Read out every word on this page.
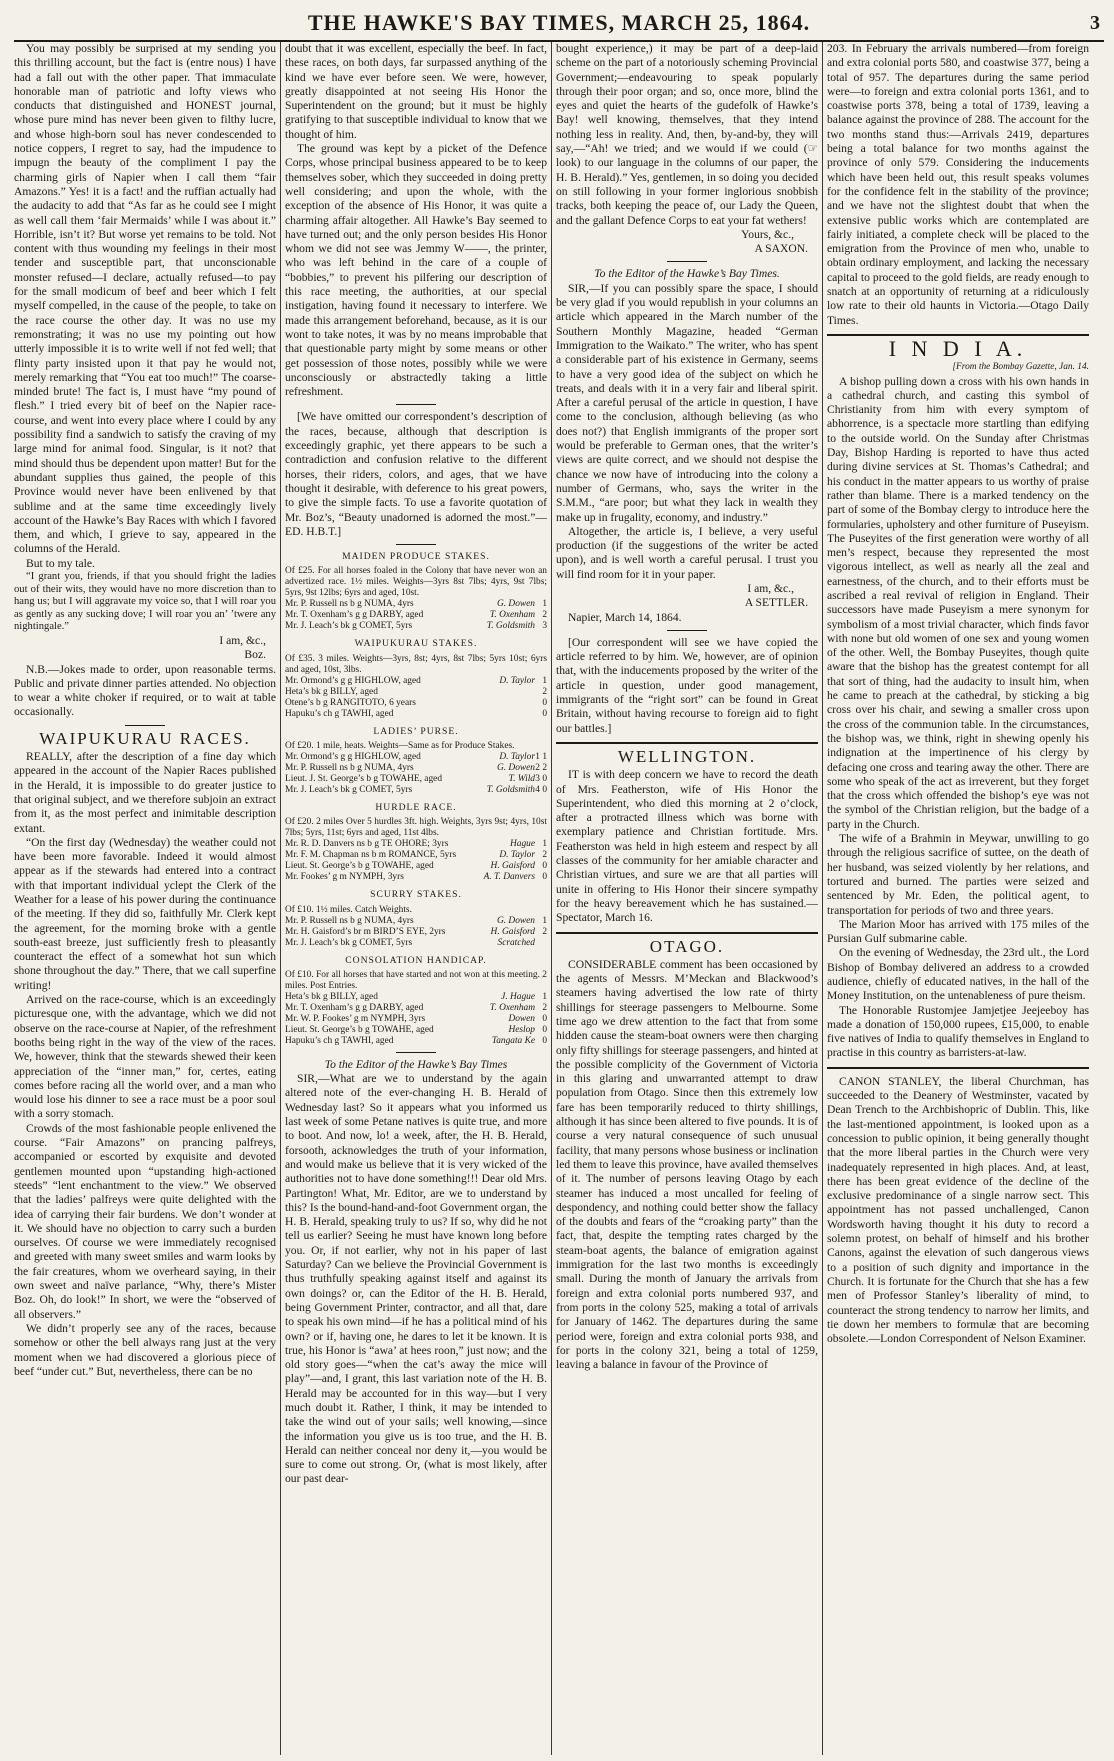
THE HAWKE'S BAY TIMES, MARCH 25, 1864.	3

You may possibly be surprised at my sending you this thrilling account, but the fact is (entre nous) I have had a fall out with the other paper. That immaculate honorable man of patriotic and lofty views who conducts that distinguished and HONEST journal, whose pure mind has never been given to filthy lucre, and whose high-born soul has never condescended to notice coppers, I regret to say, had the impudence to impugn the beauty of the compliment I pay the charming girls of Napier when I call them “fair Amazons.” Yes! it is a fact! and the ruffian actually had the audacity to add that “As far as he could see I might as well call them ‘fair Mermaids’ while I was about it.” Horrible, isn’t it? But worse yet remains to be told. Not content with thus wounding my feelings in their most tender and susceptible part, that unconscionable monster refused—I declare, actually refused—to pay for the small modicum of beef and beer which I felt myself compelled, in the cause of the people, to take on the race course the other day. It was no use my remonstrating; it was no use my pointing out how utterly impossible it is to write well if not fed well; that flinty party insisted upon it that pay he would not, merely remarking that “You eat too much!” The coarse-minded brute! The fact is, I must have “my pound of flesh.” I tried every bit of beef on the Napier race-course, and went into every place where I could by any possibility find a sandwich to satisfy the craving of my large mind for animal food. Singular, is it not? that mind should thus be dependent upon matter! But for the abundant supplies thus gained, the people of this Province would never have been enlivened by that sublime and at the same time exceedingly lively account of the Hawke’s Bay Races with which I favored them, and which, I grieve to say, appeared in the columns of the Herald.

But to my tale.

“I grant you, friends, if that you should fright the ladies out of their wits, they would have no more discretion than to hang us; but I will aggravate my voice so, that I will roar you as gently as any sucking dove; I will roar you an’ ’twere any nightingale.”

I am, &c.,

Boz.

N.B.—Jokes made to order, upon reasonable terms. Public and private dinner parties attended. No objection to wear a white choker if required, or to wait at table occasionally.

WAIPUKURAU RACES.

REALLY, after the description of a fine day which appeared in the account of the Napier Races published in the Herald, it is impossible to do greater justice to that original subject, and we therefore subjoin an extract from it, as the most perfect and inimitable description extant.

“On the first day (Wednesday) the weather could not have been more favorable. Indeed it would almost appear as if the stewards had entered into a contract with that important individual yclept the Clerk of the Weather for a lease of his power during the continuance of the meeting. If they did so, faithfully Mr. Clerk kept the agreement, for the morning broke with a gentle south-east breeze, just sufficiently fresh to pleasantly counteract the effect of a somewhat hot sun which shone throughout the day.” There, that we call superfine writing!

Arrived on the race-course, which is an exceedingly picturesque one, with the advantage, which we did not observe on the race-course at Napier, of the refreshment booths being right in the way of the view of the races. We, however, think that the stewards shewed their keen appreciation of the “inner man,” for, certes, eating comes before racing all the world over, and a man who would lose his dinner to see a race must be a poor soul with a sorry stomach.

Crowds of the most fashionable people enlivened the course. “Fair Amazons” on prancing palfreys, accompanied or escorted by exquisite and devoted gentlemen mounted upon “upstanding high-actioned steeds” “lent enchantment to the view.” We observed that the ladies’ palfreys were quite delighted with the idea of carrying their fair burdens. We don’t wonder at it. We should have no objection to carry such a burden ourselves. Of course we were immediately recognised and greeted with many sweet smiles and warm looks by the fair creatures, whom we overheard saying, in their own sweet and naïve parlance, “Why, there’s Mister Boz. Oh, do look!” In short, we were the “observed of all observers.”

We didn’t properly see any of the races, because somehow or other the bell always rang just at the very moment when we had discovered a glorious piece of beef “under cut.” But, nevertheless, there can be no

doubt that it was excellent, especially the beef. In fact, these races, on both days, far surpassed anything of the kind we have ever before seen. We were, however, greatly disappointed at not seeing His Honor the Superintendent on the ground; but it must be highly gratifying to that susceptible individual to know that we thought of him.

The ground was kept by a picket of the Defence Corps, whose principal business appeared to be to keep themselves sober, which they succeeded in doing pretty well considering; and upon the whole, with the exception of the absence of His Honor, it was quite a charming affair altogether. All Hawke’s Bay seemed to have turned out; and the only person besides His Honor whom we did not see was Jemmy W——, the printer, who was left behind in the care of a couple of “bobbies,” to prevent his pilfering our description of this race meeting, the authorities, at our special instigation, having found it necessary to interfere. We made this arrangement beforehand, because, as it is our wont to take notes, it was by no means improbable that that questionable party might by some means or other get possession of those notes, possibly while we were unconsciously or abstractedly taking a little refreshment.

[We have omitted our correspondent’s description of the races, because, although that description is exceedingly graphic, yet there appears to be such a contradiction and confusion relative to the different horses, their riders, colors, and ages, that we have thought it desirable, with deference to his great powers, to give the simple facts. To use a favorite quotation of Mr. Boz’s, “Beauty unadorned is adorned the most.”—ED. H.B.T.]

MAIDEN PRODUCE STAKES.

Of £25. For all horses foaled in the Colony that have never won an advertized race. 1½ miles. Weights—3yrs 8st 7lbs; 4yrs, 9st 7lbs; 5yrs, 9st 12lbs; 6yrs and aged, 10st.

Mr. P. Russell ns b g NUMA, 4yrs	G. Dowen 1
Mr. T. Oxenham’s g g DARBY, aged	T. Oxenham 2
Mr. J. Leach’s bk g COMET, 5yrs	T. Goldsmith 3

WAIPUKURAU STAKES.

Of £35. 3 miles. Weights—3yrs, 8st; 4yrs, 8st 7lbs; 5yrs 10st; 6yrs and aged, 10st, 3lbs.

Mr. Ormond’s g g HIGHLOW, aged	D. Taylor 1
Heta’s bk g BILLY, aged	2
Otene’s b g RANGITOTO, 6 years	0
Hapuku’s ch g TAWHI, aged	0

LADIES’ PURSE.

Of £20. 1 mile, heats. Weights—Same as for Produce Stakes.

Mr. Ormond’s g g HIGHLOW, aged	D. Taylor 1 1
Mr. P. Russell ns b g NUMA, 4yrs	G. Dowen 2 2
Lieut. J. St. George’s b g TOWAHE, aged	T. Wild 3 0
Mr. J. Leach’s bk g COMET, 5yrs	T. Goldsmith 4 0

HURDLE RACE.

Of £20. 2 miles Over 5 hurdles 3ft. high. Weights, 3yrs 9st; 4yrs, 10st 7lbs; 5yrs, 11st; 6yrs and aged, 11st 4lbs.

Mr. R. D. Danvers ns b g TE OHORE; 3yrs	Hague 1
Mr. F. M. Chapman ns b m ROMANCE, 5yrs	D. Taylor 2
Lieut. St. George’s b g TOWAHE, aged	H. Gaisford 0
Mr. Fookes’ g m NYMPH, 3yrs	A. T. Danvers 0

SCURRY STAKES.

Of £10. 1½ miles. Catch Weights.

Mr. P. Russell ns b g NUMA, 4yrs	G. Dowen 1
Mr. H. Gaisford’s br m BIRD’S EYE, 2yrs	H. Gaisford 2
Mr. J. Leach’s bk g COMET, 5yrs	Scratched

CONSOLATION HANDICAP.

Of £10. For all horses that have started and not won at this meeting. 2 miles. Post Entries.

Heta’s bk g BILLY, aged	J. Hague 1
Mr. T. Oxenham’s g g DARBY, aged	T. Oxenham 2
Mr. W. P. Fookes’ g m NYMPH, 3yrs	Dowen 0
Lieut. St. George’s b g TOWAHE, aged	Heslop 0
Hapuku’s ch g TAWHI, aged	Tangata Ke 0

To the Editor of the Hawke’s Bay Times

SIR,—What are we to understand by the again altered note of the ever-changing H. B. Herald of Wednesday last? So it appears what you informed us last week of some Petane natives is quite true, and more to boot. And now, lo! a week, after, the H. B. Herald, forsooth, acknowledges the truth of your information, and would make us believe that it is very wicked of the authorities not to have done something!!! Dear old Mrs. Partington! What, Mr. Editor, are we to understand by this? Is the bound-hand-and-foot Government organ, the H. B. Herald, speaking truly to us? If so, why did he not tell us earlier? Seeing he must have known long before you. Or, if not earlier, why not in his paper of last Saturday? Can we believe the Provincial Government is thus truthfully speaking against itself and against its own doings? or, can the Editor of the H. B. Herald, being Government Printer, contractor, and all that, dare to speak his own mind—if he has a political mind of his own? or if, having one, he dares to let it be known. It is true, his Honor is “awa’ at hees roon,” just now; and the old story goes—“when the cat’s away the mice will play”—and, I grant, this last variation note of the H. B. Herald may be accounted for in this way—but I very much doubt it. Rather, I think, it may be intended to take the wind out of your sails; well knowing,—since the information you give us is too true, and the H. B. Herald can neither conceal nor deny it,—you would be sure to come out strong. Or, (what is most likely, after our past dear-

bought experience,) it may be part of a deep-laid scheme on the part of a notoriously scheming Provincial Government;—endeavouring to speak popularly through their poor organ; and so, once more, blind the eyes and quiet the hearts of the gudefolk of Hawke’s Bay! well knowing, themselves, that they intend nothing less in reality. And, then, by-and-by, they will say,—“Ah! we tried; and we would if we could (☞ look) to our language in the columns of our paper, the H. B. Herald).” Yes, gentlemen, in so doing you decided on still following in your former inglorious snobbish tracks, both keeping the peace of, our Lady the Queen, and the gallant Defence Corps to eat your fat wethers!

Yours, &c.,

A SAXON.

To the Editor of the Hawke’s Bay Times.

SIR,—If you can possibly spare the space, I should be very glad if you would republish in your columns an article which appeared in the March number of the Southern Monthly Magazine, headed “German Immigration to the Waikato.” The writer, who has spent a considerable part of his existence in Germany, seems to have a very good idea of the subject on which he treats, and deals with it in a very fair and liberal spirit. After a careful perusal of the article in question, I have come to the conclusion, although believing (as who does not?) that English immigrants of the proper sort would be preferable to German ones, that the writer’s views are quite correct, and we should not despise the chance we now have of introducing into the colony a number of Germans, who, says the writer in the S.M.M., “are poor; but what they lack in wealth they make up in frugality, economy, and industry.”

Altogether, the article is, I believe, a very useful production (if the suggestions of the writer be acted upon), and is well worth a careful perusal. I trust you will find room for it in your paper.

I am, &c.,

A SETTLER.

Napier, March 14, 1864.

[Our correspondent will see we have copied the article referred to by him. We, however, are of opinion that, with the inducements proposed by the writer of the article in question, under good management, immigrants of the “right sort” can be found in Great Britain, without having recourse to foreign aid to fight our battles.]

WELLINGTON.

IT is with deep concern we have to record the death of Mrs. Featherston, wife of His Honor the Superintendent, who died this morning at 2 o’clock, after a protracted illness which was borne with exemplary patience and Christian fortitude. Mrs. Featherston was held in high esteem and respect by all classes of the community for her amiable character and Christian virtues, and sure we are that all parties will unite in offering to His Honor their sincere sympathy for the heavy bereavement which he has sustained.—Spectator, March 16.

OTAGO.

CONSIDERABLE comment has been occasioned by the agents of Messrs. M’Meckan and Blackwood’s steamers having advertised the low rate of thirty shillings for steerage passengers to Melbourne. Some time ago we drew attention to the fact that from some hidden cause the steam-boat owners were then charging only fifty shillings for steerage passengers, and hinted at the possible complicity of the Government of Victoria in this glaring and unwarranted attempt to draw population from Otago. Since then this extremely low fare has been temporarily reduced to thirty shillings, although it has since been altered to five pounds. It is of course a very natural consequence of such unusual facility, that many persons whose business or inclination led them to leave this province, have availed themselves of it. The number of persons leaving Otago by each steamer has induced a most uncalled for feeling of despondency, and nothing could better show the fallacy of the doubts and fears of the “croaking party” than the fact, that, despite the tempting rates charged by the steam-boat agents, the balance of emigration against immigration for the last two months is exceedingly small. During the month of January the arrivals from foreign and extra colonial ports numbered 937, and from ports in the colony 525, making a total of arrivals for January of 1462. The departures during the same period were, foreign and extra colonial ports 938, and for ports in the colony 321, being a total of 1259, leaving a balance in favour of the Province of

203. In February the arrivals numbered—from foreign and extra colonial ports 580, and coastwise 377, being a total of 957. The departures during the same period were—to foreign and extra colonial ports 1361, and to coastwise ports 378, being a total of 1739, leaving a balance against the province of 288. The account for the two months stand thus:—Arrivals 2419, departures being a total balance for two months against the province of only 579. Considering the inducements which have been held out, this result speaks volumes for the confidence felt in the stability of the province; and we have not the slightest doubt that when the extensive public works which are contemplated are fairly initiated, a complete check will be placed to the emigration from the Province of men who, unable to obtain ordinary employment, and lacking the necessary capital to proceed to the gold fields, are ready enough to snatch at an opportunity of returning at a ridiculously low rate to their old haunts in Victoria.—Otago Daily Times.

I N D I A.

[From the Bombay Gazette, Jan. 14.

A bishop pulling down a cross with his own hands in a cathedral church, and casting this symbol of Christianity from him with every symptom of abhorrence, is a spectacle more startling than edifying to the outside world. On the Sunday after Christmas Day, Bishop Harding is reported to have thus acted during divine services at St. Thomas’s Cathedral; and his conduct in the matter appears to us worthy of praise rather than blame. There is a marked tendency on the part of some of the Bombay clergy to introduce here the formularies, upholstery and other furniture of Puseyism. The Puseyites of the first generation were worthy of all men’s respect, because they represented the most vigorous intellect, as well as nearly all the zeal and earnestness, of the church, and to their efforts must be ascribed a real revival of religion in England. Their successors have made Puseyism a mere synonym for symbolism of a most trivial character, which finds favor with none but old women of one sex and young women of the other. Well, the Bombay Puseyites, though quite aware that the bishop has the greatest contempt for all that sort of thing, had the audacity to insult him, when he came to preach at the cathedral, by sticking a big cross over his chair, and sewing a smaller cross upon the cross of the communion table. In the circumstances, the bishop was, we think, right in shewing openly his indignation at the impertinence of his clergy by defacing one cross and tearing away the other. There are some who speak of the act as irreverent, but they forget that the cross which offended the bishop’s eye was not the symbol of the Christian religion, but the badge of a party in the Church.

The wife of a Brahmin in Meywar, unwilling to go through the religious sacrifice of suttee, on the death of her husband, was seized violently by her relations, and tortured and burned. The parties were seized and sentenced by Mr. Eden, the political agent, to transportation for periods of two and three years.

The Marion Moor has arrived with 175 miles of the Pursian Gulf submarine cable.

On the evening of Wednesday, the 23rd ult., the Lord Bishop of Bombay delivered an address to a crowded audience, chiefly of educated natives, in the hall of the Money Institution, on the untenableness of pure theism.

The Honorable Rustomjee Jamjetjee Jeejeeboy has made a donation of 150,000 rupees, £15,000, to enable five natives of India to qualify themselves in England to practise in this country as barristers-at-law.

CANON STANLEY, the liberal Churchman, has succeeded to the Deanery of Westminster, vacated by Dean Trench to the Archbishopric of Dublin. This, like the last-mentioned appointment, is looked upon as a concession to public opinion, it being generally thought that the more liberal parties in the Church were very inadequately represented in high places. And, at least, there has been great evidence of the decline of the exclusive predominance of a single narrow sect. This appointment has not passed unchallenged, Canon Wordsworth having thought it his duty to record a solemn protest, on behalf of himself and his brother Canons, against the elevation of such dangerous views to a position of such dignity and importance in the Church. It is fortunate for the Church that she has a few men of Professor Stanley’s liberality of mind, to counteract the strong tendency to narrow her limits, and tie down her members to formulæ that are becoming obsolete.—London Correspondent of Nelson Examiner.
